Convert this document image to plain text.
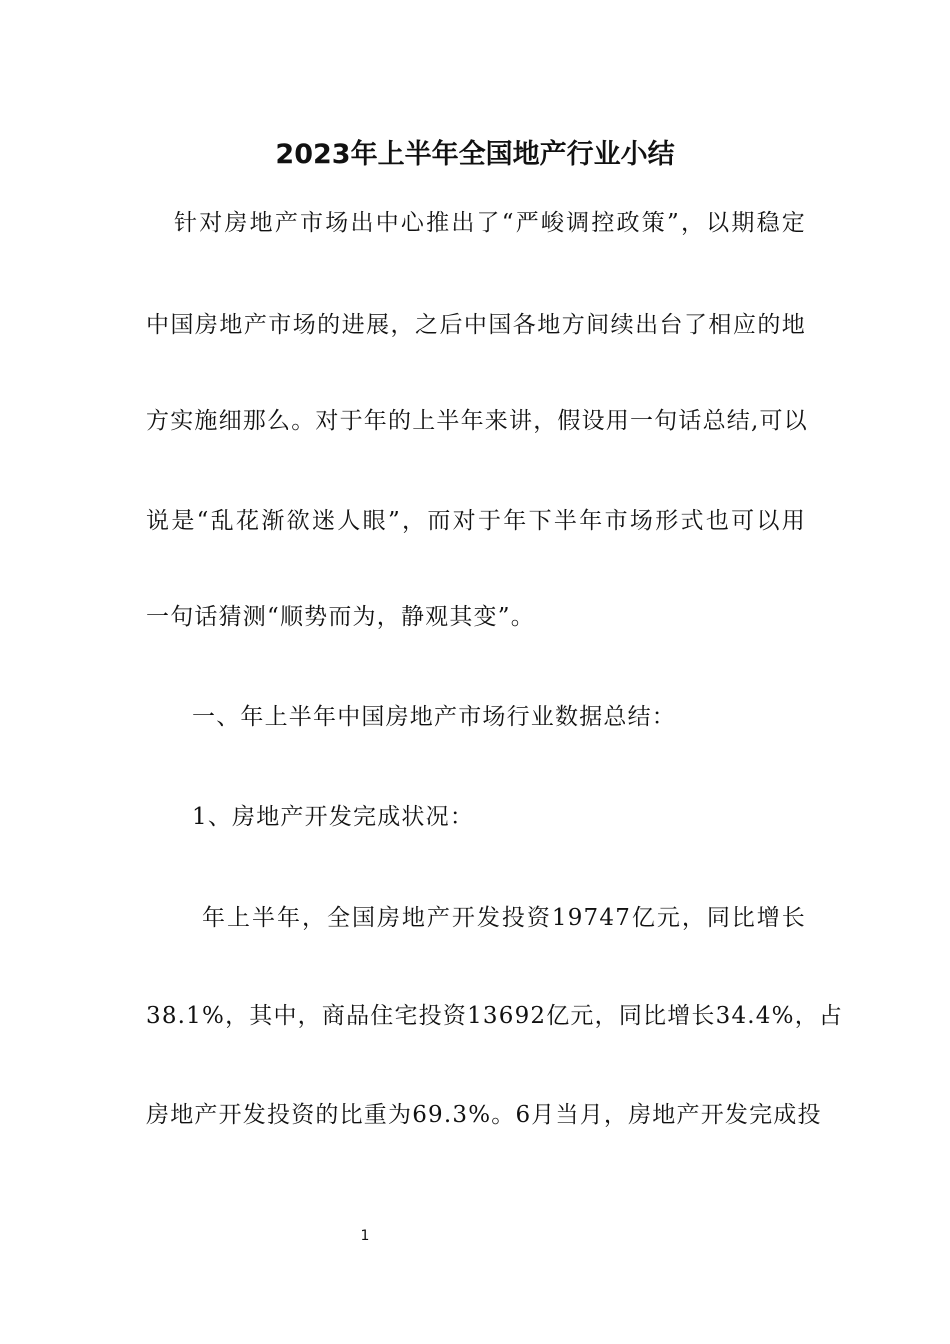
2023年上半年全国地产行业小结
针对房地产市场出中心推出了“严峻调控政策”，以期稳定
中国房地产市场的进展，之后中国各地方间续出台了相应的地
方实施细那么。对于年的上半年来讲，假设用一句话总结,可以
说是“乱花渐欲迷人眼”，而对于年下半年市场形式也可以用
一句话猜测“顺势而为，静观其变”。
一、年上半年中国房地产市场行业数据总结：
1、房地产开发完成状况：
年上半年，全国房地产开发投资19747亿元，同比增长
38.1%，其中，商品住宅投资13692亿元，同比增长34.4%，占
房地产开发投资的比重为69.3%。6月当月，房地产开发完成投
1
